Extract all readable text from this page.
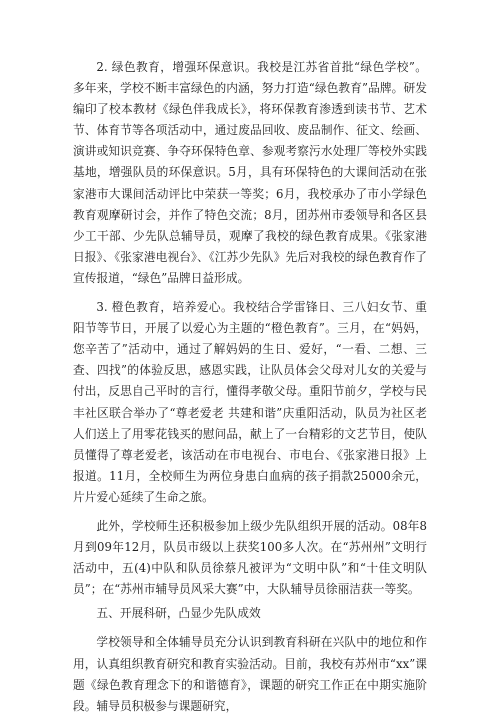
2. 绿色教育，增强环保意识。我校是江苏省首批“绿色学校”。多年来，学校不断丰富绿色的内涵，努力打造“绿色教育”品牌。研发编印了校本教材《绿色伴我成长》，将环保教育渗透到读书节、艺术节、体育节等各项活动中，通过废品回收、废品制作、征文、绘画、演讲或知识竞赛、争夺环保特色章、参观考察污水处理厂等校外实践基地，增强队员的环保意识。5月，具有环保特色的大课间活动在张家港市大课间活动评比中荣获一等奖；6月，我校承办了市小学绿色教育观摩研讨会，并作了特色交流；8月，团苏州市委领导和各区县少工干部、少先队总辅导员，观摩了我校的绿色教育成果。《张家港日报》、《张家港电视台》、《江苏少先队》先后对我校的绿色教育作了宣传报道，“绿色”品牌日益形成。

3. 橙色教育，培养爱心。我校结合学雷锋日、三八妇女节、重阳节等节日，开展了以爱心为主题的“橙色教育”。三月，在“妈妈，您辛苦了”活动中，通过了解妈妈的生日、爱好，“一看、二想、三查、四找”的体验反思，感恩实践，让队员体会父母对儿女的关爱与付出，反思自己平时的言行，懂得孝敬父母。重阳节前夕，学校与民丰社区联合举办了“尊老爱老 共建和谐”庆重阳活动，队员为社区老人们送上了用零花钱买的慰问品，献上了一台精彩的文艺节目，使队员懂得了尊老爱老，该活动在市电视台、市电台、《张家港日报》上报道。11月，全校师生为两位身患白血病的孩子捐款25000余元，片片爱心延续了生命之旅。

此外，学校师生还积极参加上级少先队组织开展的活动。08年8月到09年12月，队员市级以上获奖100多人次。在“苏州州”文明行活动中，五(4)中队和队员徐蔡凡被评为“文明中队”和“十佳文明队员”；在“苏州市辅导员风采大赛”中，大队辅导员徐丽洁获一等奖。

五、开展科研，凸显少先队成效

学校领导和全体辅导员充分认识到教育科研在兴队中的地位和作用，认真组织教育研究和教育实验活动。目前，我校有苏州市“xx”课题《绿色教育理念下的和谐德育》，课题的研究工作正在中期实施阶段。辅导员积极参与课题研究，
